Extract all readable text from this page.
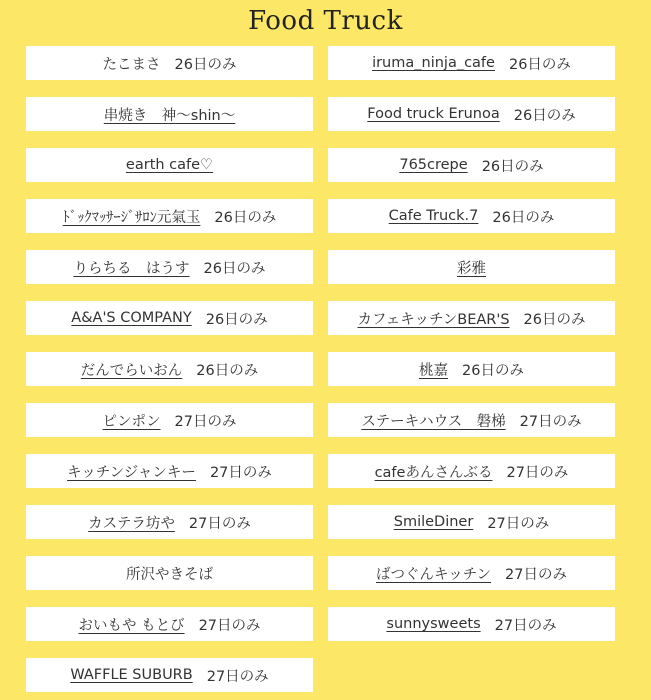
Food Truck
たこまさ 26日のみ	iruma_ninja_cafe 26日のみ
串焼き　神〜shin〜	Food truck Erunoa 26日のみ
earth cafe♡	765crepe 26日のみ
ﾄﾞｯｸﾏｯｻｰｼﾞｻﾛﾝ元氣玉 26日のみ	Cafe Truck.7 26日のみ
りらちる　はうす 26日のみ	彩雅
A&A'S COMPANY 26日のみ	カフェキッチンBEAR'S 26日のみ
だんでらいおん 26日のみ	桃嘉 26日のみ
ピンポン 27日のみ	ステーキハウス　磐梯 27日のみ
キッチンジャンキー 27日のみ	cafeあんさんぶる 27日のみ
カステラ坊や 27日のみ	SmileDiner 27日のみ
所沢やきそば	ばつぐんキッチン 27日のみ
おいもや もとび 27日のみ	sunnysweets 27日のみ
WAFFLE SUBURB 27日のみ
